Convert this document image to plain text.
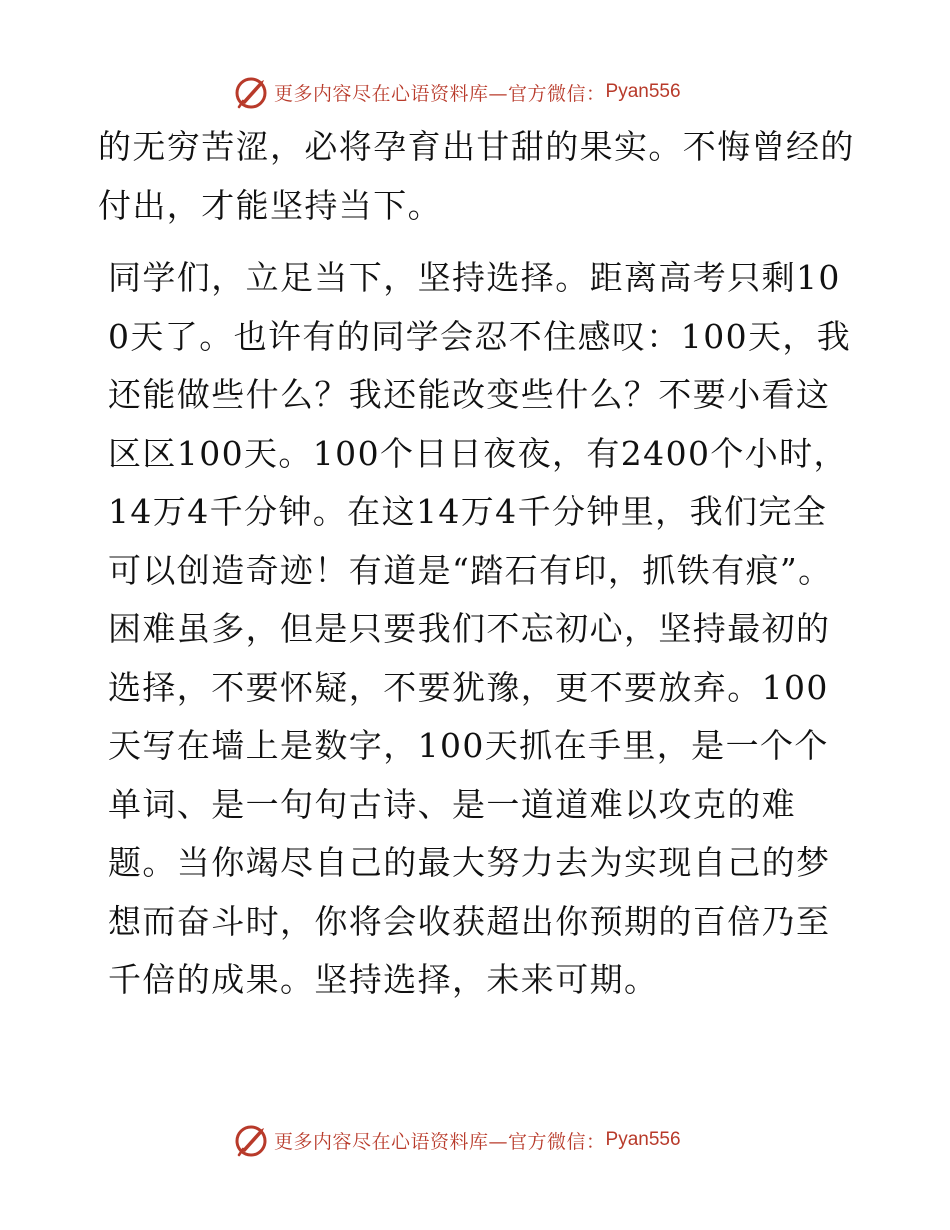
更多内容尽在心语资料库—官方微信： Pyan556

的无穷苦涩，必将孕育出甘甜的果实。不悔曾经的付出，才能坚持当下。

同学们，立足当下，坚持选择。距离高考只剩100天了。也许有的同学会忍不住感叹：100天，我还能做些什么？我还能改变些什么？不要小看这区区100天。100个日日夜夜，有2400个小时，14万4千分钟。在这14万4千分钟里，我们完全可以创造奇迹！有道是“踏石有印，抓铁有痕”。困难虽多，但是只要我们不忘初心，坚持最初的选择，不要怀疑，不要犹豫，更不要放弃。100天写在墙上是数字，100天抓在手里，是一个个单词、是一句句古诗、是一道道难以攻克的难题。当你竭尽自己的最大努力去为实现自己的梦想而奋斗时，你将会收获超出你预期的百倍乃至千倍的成果。坚持选择，未来可期。

更多内容尽在心语资料库—官方微信： Pyan556
